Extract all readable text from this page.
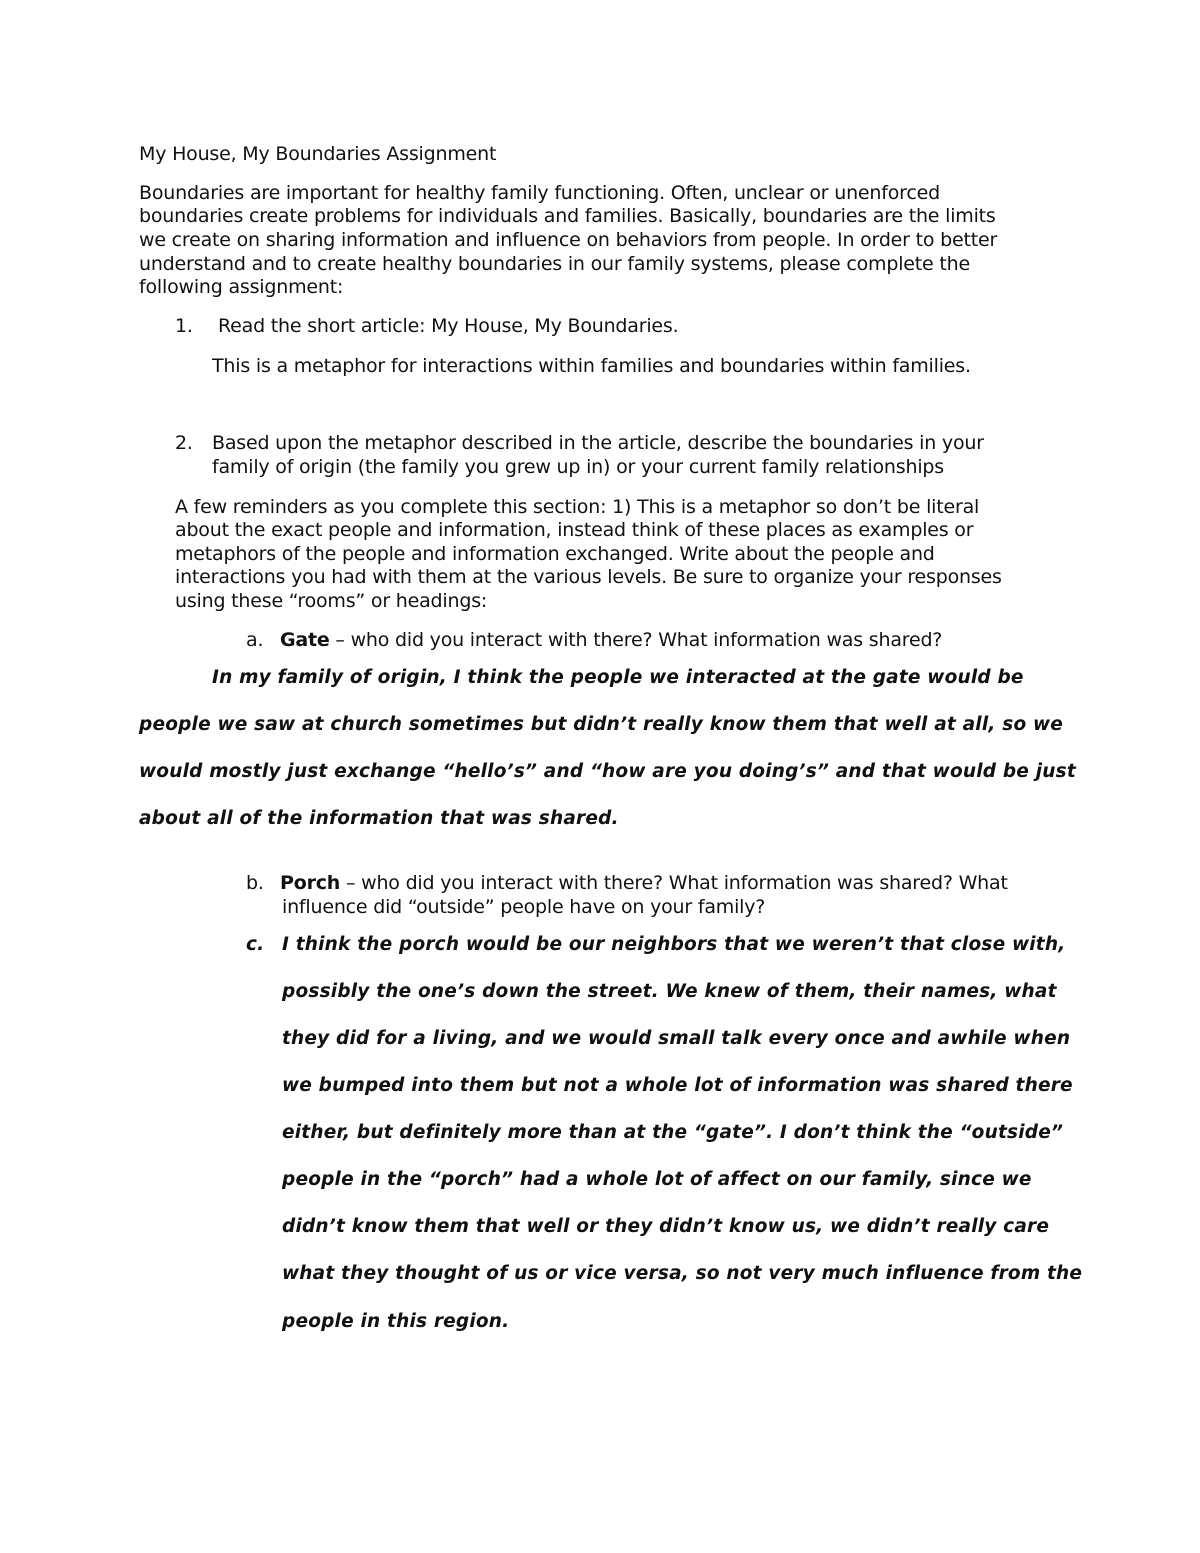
My House, My Boundaries Assignment
Boundaries are important for healthy family functioning. Often, unclear or unenforced
boundaries create problems for individuals and families. Basically, boundaries are the limits
we create on sharing information and influence on behaviors from people. In order to better
understand and to create healthy boundaries in our family systems, please complete the
following assignment:
1. Read the short article: My House, My Boundaries.
This is a metaphor for interactions within families and boundaries within families.
2. Based upon the metaphor described in the article, describe the boundaries in your
family of origin (the family you grew up in) or your current family relationships
A few reminders as you complete this section: 1) This is a metaphor so don’t be literal
about the exact people and information, instead think of these places as examples or
metaphors of the people and information exchanged. Write about the people and
interactions you had with them at the various levels. Be sure to organize your responses
using these “rooms” or headings:
a. Gate – who did you interact with there? What information was shared?
In my family of origin, I think the people we interacted at the gate would be
people we saw at church sometimes but didn’t really know them that well at all, so we
would mostly just exchange “hello’s” and “how are you doing’s” and that would be just
about all of the information that was shared.
b. Porch – who did you interact with there? What information was shared? What
influence did “outside” people have on your family?
c. I think the porch would be our neighbors that we weren’t that close with,
possibly the one’s down the street. We knew of them, their names, what
they did for a living, and we would small talk every once and awhile when
we bumped into them but not a whole lot of information was shared there
either, but definitely more than at the “gate”. I don’t think the “outside”
people in the “porch” had a whole lot of affect on our family, since we
didn’t know them that well or they didn’t know us, we didn’t really care
what they thought of us or vice versa, so not very much influence from the
people in this region.
